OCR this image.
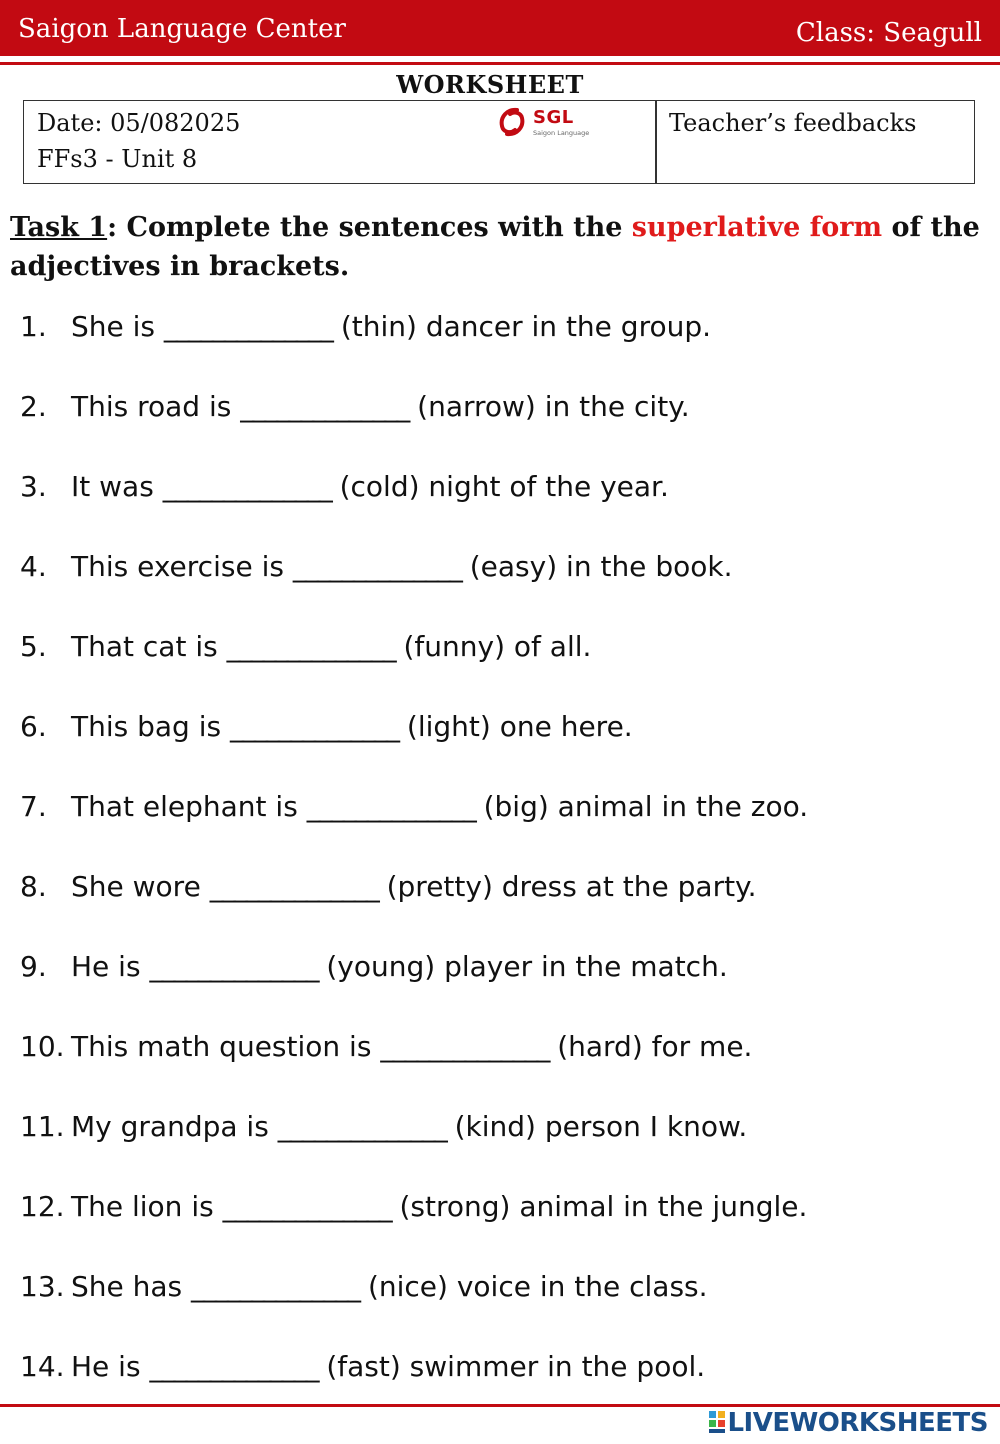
Saigon Language Center	Class: Seagull
WORKSHEET
Date: 05/082025
FFs3 - Unit 8
SGL
Saigon Language	Teacher’s feedbacks
Task 1: Complete the sentences with the superlative form of the adjectives in brackets.
1. She is ______________ (thin) dancer in the group.
2. This road is ______________ (narrow) in the city.
3. It was ______________ (cold) night of the year.
4. This exercise is ______________ (easy) in the book.
5. That cat is ______________ (funny) of all.
6. This bag is ______________ (light) one here.
7. That elephant is ______________ (big) animal in the zoo.
8. She wore ______________ (pretty) dress at the party.
9. He is ______________ (young) player in the match.
10. This math question is ______________ (hard) for me.
11. My grandpa is ______________ (kind) person I know.
12. The lion is ______________ (strong) animal in the jungle.
13. She has ______________ (nice) voice in the class.
14. He is ______________ (fast) swimmer in the pool.
LIVEWORKSHEETS
